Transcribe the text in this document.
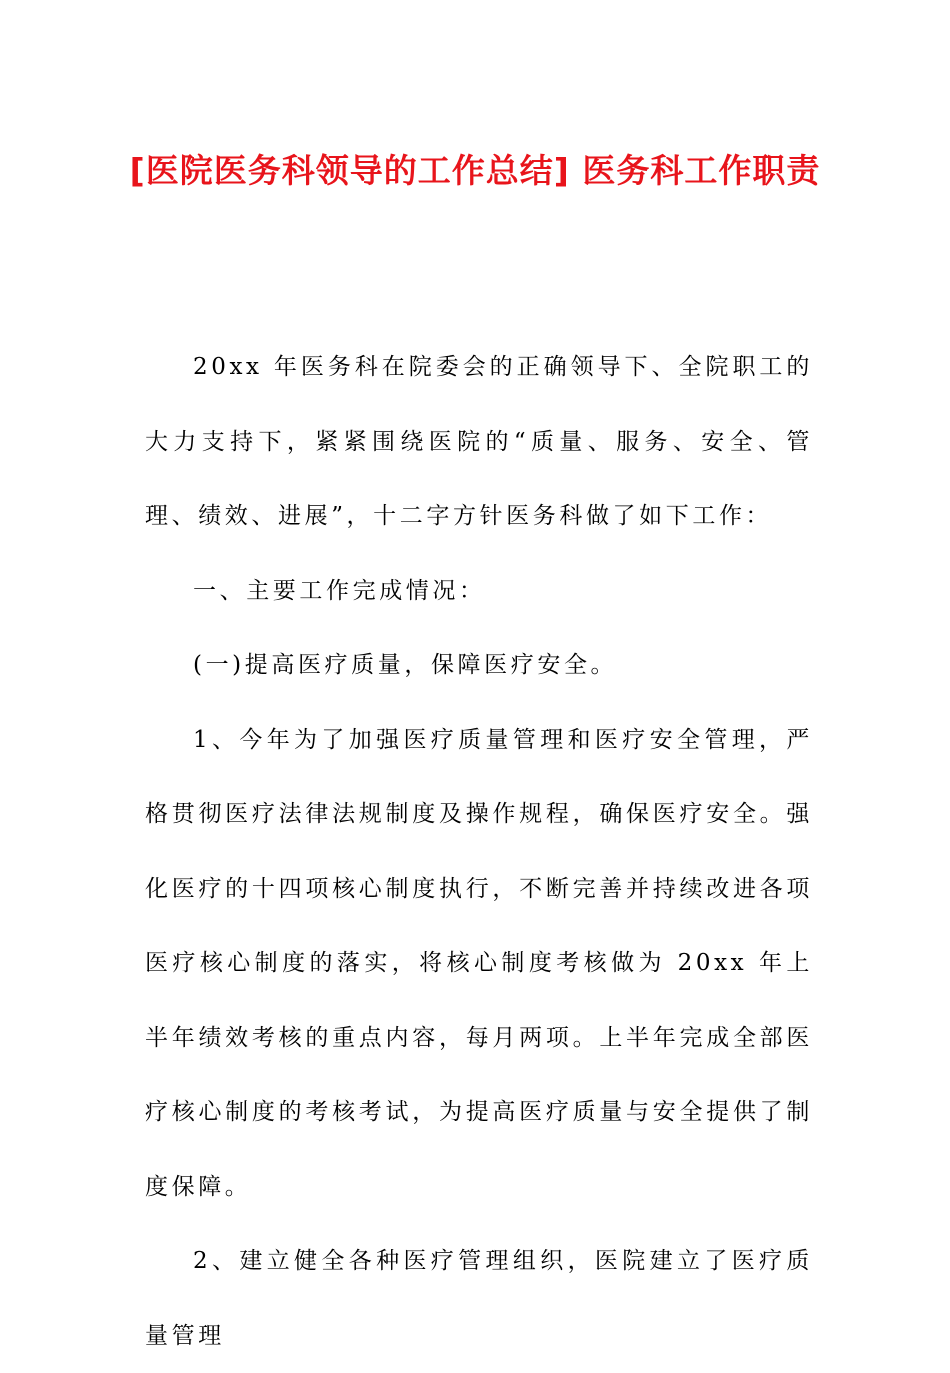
[医院医务科领导的工作总结] 医务科工作职责

20xx 年医务科在院委会的正确领导下、全院职工的大力支持下，紧紧围绕医院的“质量、服务、安全、管理、绩效、进展”，十二字方针医务科做了如下工作：

一、主要工作完成情况：

(一)提高医疗质量，保障医疗安全。

1、今年为了加强医疗质量管理和医疗安全管理，严格贯彻医疗法律法规制度及操作规程，确保医疗安全。强化医疗的十四项核心制度执行，不断完善并持续改进各项医疗核心制度的落实，将核心制度考核做为 20xx 年上半年绩效考核的重点内容，每月两项。上半年完成全部医疗核心制度的考核考试，为提高医疗质量与安全提供了制度保障。

2、建立健全各种医疗管理组织，医院建立了医疗质量管理
